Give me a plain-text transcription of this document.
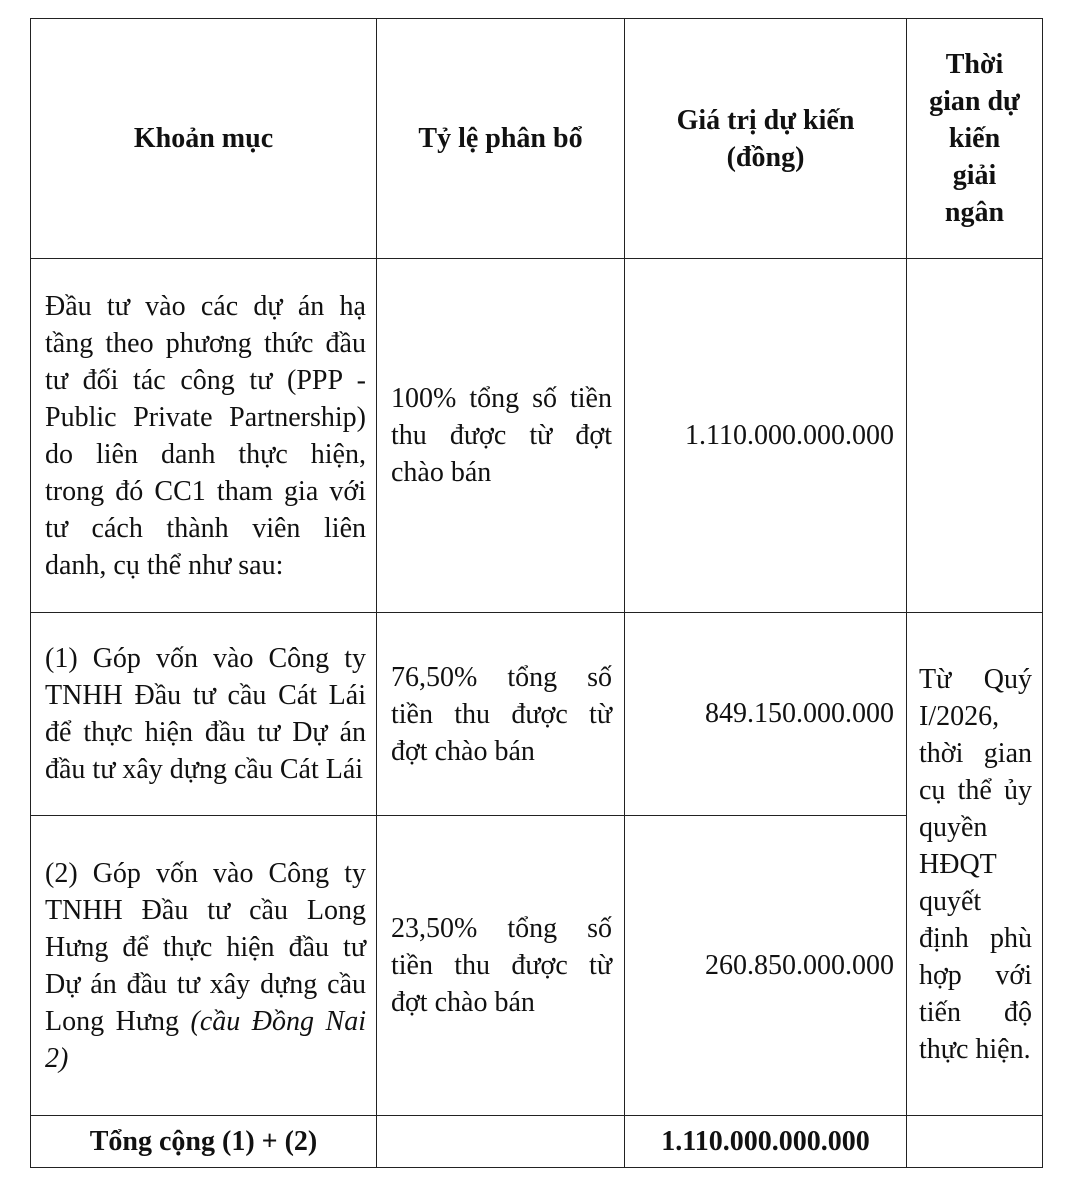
Khoản mục	Tỷ lệ phân bổ	Giá trị dự kiến (đồng)	Thời gian dự kiến giải ngân
Đầu tư vào các dự án hạ tầng theo phương thức đầu tư đối tác công tư (PPP - Public Private Partnership) do liên danh thực hiện, trong đó CC1 tham gia với tư cách thành viên liên danh, cụ thể như sau:	100% tổng số tiền thu được từ đợt chào bán	1.110.000.000.000	
(1) Góp vốn vào Công ty TNHH Đầu tư cầu Cát Lái để thực hiện đầu tư Dự án đầu tư xây dựng cầu Cát Lái	76,50% tổng số tiền thu được từ đợt chào bán	849.150.000.000	Từ Quý I/2026, thời gian cụ thể ủy quyền HĐQT quyết định phù hợp với tiến độ thực hiện.
(2) Góp vốn vào Công ty TNHH Đầu tư cầu Long Hưng để thực hiện đầu tư Dự án đầu tư xây dựng cầu Long Hưng (cầu Đồng Nai 2)	23,50% tổng số tiền thu được từ đợt chào bán	260.850.000.000	
Tổng cộng (1) + (2)		1.110.000.000.000	
